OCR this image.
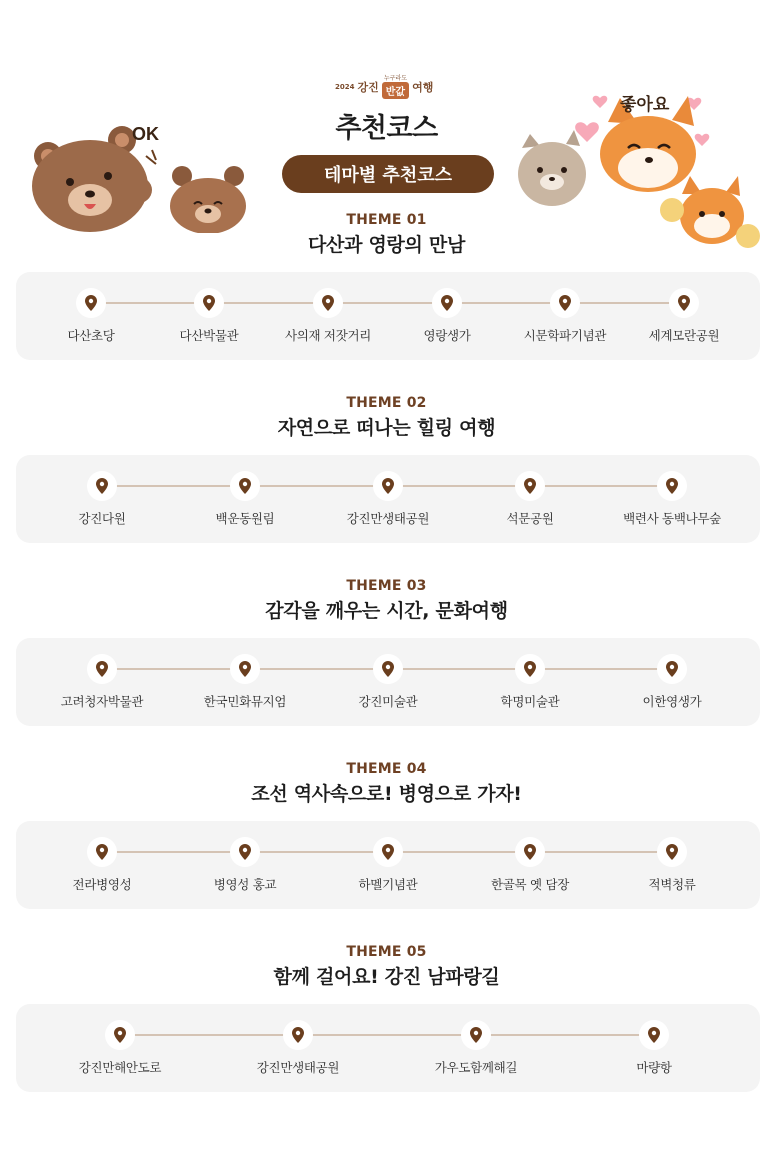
OK
2024 강진
누구라도
반값 여행
추천코스
테마별 추천코스
좋아요
THEME 01
다산과 영랑의 만남
다산초당	다산박물관	사의재 저잣거리	영랑생가	시문학파기념관	세계모란공원
THEME 02
자연으로 떠나는 힐링 여행
강진다원	백운동원림	강진만생태공원	석문공원	백련사 동백나무숲
THEME 03
감각을 깨우는 시간, 문화여행
고려청자박물관	한국민화뮤지엄	강진미술관	학명미술관	이한영생가
THEME 04
조선 역사속으로! 병영으로 가자!
전라병영성	병영성 홍교	하멜기념관	한골목 옛 담장	적벽청류
THEME 05
함께 걸어요! 강진 남파랑길
강진만해안도로	강진만생태공원	가우도함께해길	마량항
